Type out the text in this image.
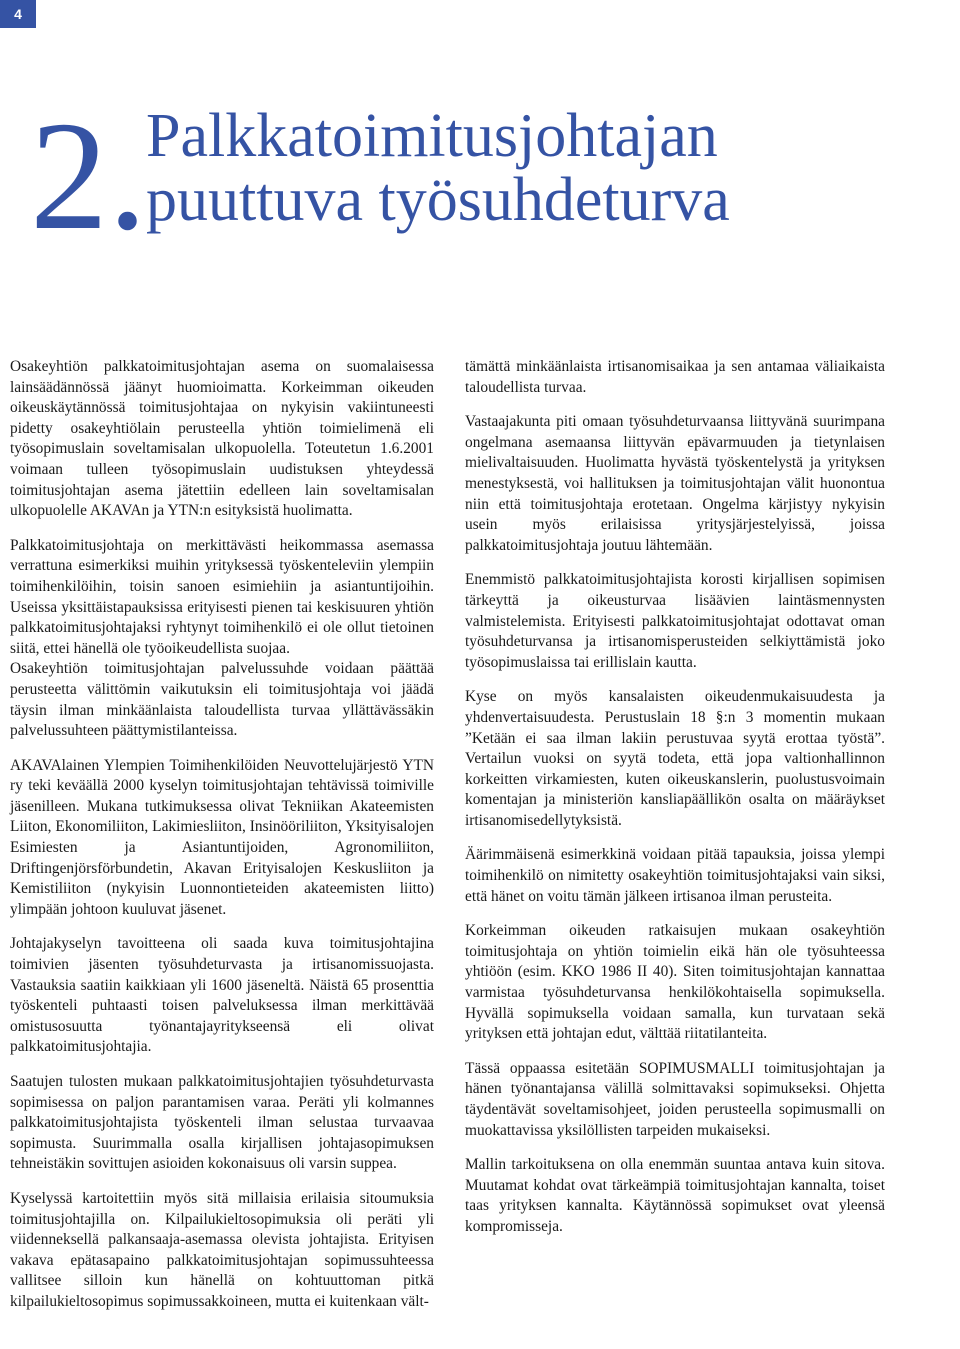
4
2. Palkkatoimitusjohtajan
puuttuva työsuhdeturva

Osakeyhtiön palkkatoimitusjohtajan asema on suomalaisessa lainsäädännössä jäänyt huomioimatta. Korkeimman oikeuden oikeuskäytännössä toimitusjohtajaa on nykyisin vakiintuneesti pidetty osakeyhtiölain perusteella yhtiön toimielimenä eli työsopimuslain soveltamisalan ulkopuolella. Toteutetun 1.6.2001 voimaan tulleen työsopimuslain uudistuksen yhteydessä toimitusjohtajan asema jätettiin edelleen lain soveltamisalan ulkopuolelle AKAVAn ja YTN:n esityksistä huolimatta.

Palkkatoimitusjohtaja on merkittävästi heikommassa asemassa verrattuna esimerkiksi muihin yrityksessä työskenteleviin ylempiin toimihenkilöihin, toisin sanoen esimiehiin ja asiantuntijoihin. Useissa yksittäistapauksissa erityisesti pienen tai keskisuuren yhtiön palkkatoimitusjohtajaksi ryhtynyt toimihenkilö ei ole ollut tietoinen siitä, ettei hänellä ole työoikeudellista suojaa.

Osakeyhtiön toimitusjohtajan palvelussuhde voidaan päättää perusteetta välittömin vaikutuksin eli toimitusjohtaja voi jäädä täysin ilman minkäänlaista taloudellista turvaa yllättävässäkin palvelussuhteen päättymistilanteissa.

AKAVAlainen Ylempien Toimihenkilöiden Neuvottelujärjestö YTN ry teki keväällä 2000 kyselyn toimitusjohtajan tehtävissä toimiville jäsenilleen. Mukana tutkimuksessa olivat Tekniikan Akateemisten Liiton, Ekonomiliiton, Lakimiesliiton, Insinööriliiton, Yksityisalojen Esimiesten ja Asiantuntijoiden, Agronomiliiton, Driftingenjörsförbundetin, Akavan Erityisalojen Keskusliiton ja Kemistiliiton (nykyisin Luonnontieteiden akateemisten liitto) ylimpään johtoon kuuluvat jäsenet.

Johtajakyselyn tavoitteena oli saada kuva toimitusjohtajina toimivien jäsenten työsuhdeturvasta ja irtisanomissuojasta. Vastauksia saatiin kaikkiaan yli 1600 jäseneltä. Näistä 65 prosenttia työskenteli puhtaasti toisen palveluksessa ilman merkittävää omistusosuutta työnantajayritykseensä eli olivat palkkatoimitusjohtajia.

Saatujen tulosten mukaan palkkatoimitusjohtajien työsuhdeturvasta sopimisessa on paljon parantamisen varaa. Peräti yli kolmannes palkkatoimitusjohtajista työskenteli ilman selustaa turvaavaa sopimusta. Suurimmalla osalla kirjallisen johtajasopimuksen tehneistäkin sovittujen asioiden kokonaisuus oli varsin suppea.

Kyselyssä kartoitettiin myös sitä millaisia erilaisia sitoumuksia toimitusjohtajilla on. Kilpailukieltosopimuksia oli peräti yli viidenneksellä palkansaaja-asemassa olevista johtajista. Erityisen vakava epätasapaino palkkatoimitusjohtajan sopimussuhteessa vallitsee silloin kun hänellä on kohtuuttoman pitkä kilpailukieltosopimus sopimussakkoineen, mutta ei kuitenkaan vält-

tämättä minkäänlaista irtisanomisaikaa ja sen antamaa väliaikaista taloudellista turvaa.

Vastaajakunta piti omaan työsuhdeturvaansa liittyvänä suurimpana ongelmana asemaansa liittyvän epävarmuuden ja tietynlaisen mielivaltaisuuden. Huolimatta hyvästä työskentelystä ja yrityksen menestyksestä, voi hallituksen ja toimitusjohtajan välit huonontua niin että toimitusjohtaja erotetaan. Ongelma kärjistyy nykyisin usein myös erilaisissa yritysjärjestelyissä, joissa palkkatoimitusjohtaja joutuu lähtemään.

Enemmistö palkkatoimitusjohtajista korosti kirjallisen sopimisen tärkeyttä ja oikeusturvaa lisäävien laintäsmennysten valmistelemista. Erityisesti palkkatoimitusjohtajat odottavat oman työsuhdeturvansa ja irtisanomisperusteiden selkiyttämistä joko työsopimuslaissa tai erillislain kautta.

Kyse on myös kansalaisten oikeudenmukaisuudesta ja yhdenvertaisuudesta. Perustuslain 18 §:n 3 momentin mukaan ”Ketään ei saa ilman lakiin perustuvaa syytä erottaa työstä”. Vertailun vuoksi on syytä todeta, että jopa valtionhallinnon korkeitten virkamiesten, kuten oikeuskanslerin, puolustusvoimain komentajan ja ministeriön kansliapäällikön osalta on määräykset irtisanomisedellytyksistä.

Äärimmäisenä esimerkkinä voidaan pitää tapauksia, joissa ylempi toimihenkilö on nimitetty osakeyhtiön toimitusjohtajaksi vain siksi, että hänet on voitu tämän jälkeen irtisanoa ilman perusteita.

Korkeimman oikeuden ratkaisujen mukaan osakeyhtiön toimitusjohtaja on yhtiön toimielin eikä hän ole työsuhteessa yhtiöön (esim. KKO 1986 II 40). Siten toimitusjohtajan kannattaa varmistaa työsuhdeturvansa henkilökohtaisella sopimuksella. Hyvällä sopimuksella voidaan samalla, kun turvataan sekä yrityksen että johtajan edut, välttää riitatilanteita.

Tässä oppaassa esitetään SOPIMUSMALLI toimitusjohtajan ja hänen työnantajansa välillä solmittavaksi sopimukseksi. Ohjetta täydentävät soveltamisohjeet, joiden perusteella sopimusmalli on muokattavissa yksilöllisten tarpeiden mukaiseksi.

Mallin tarkoituksena on olla enemmän suuntaa antava kuin sitova. Muutamat kohdat ovat tärkeämpiä toimitusjohtajan kannalta, toiset taas yrityksen kannalta. Käytännössä sopimukset ovat yleensä kompromisseja.
